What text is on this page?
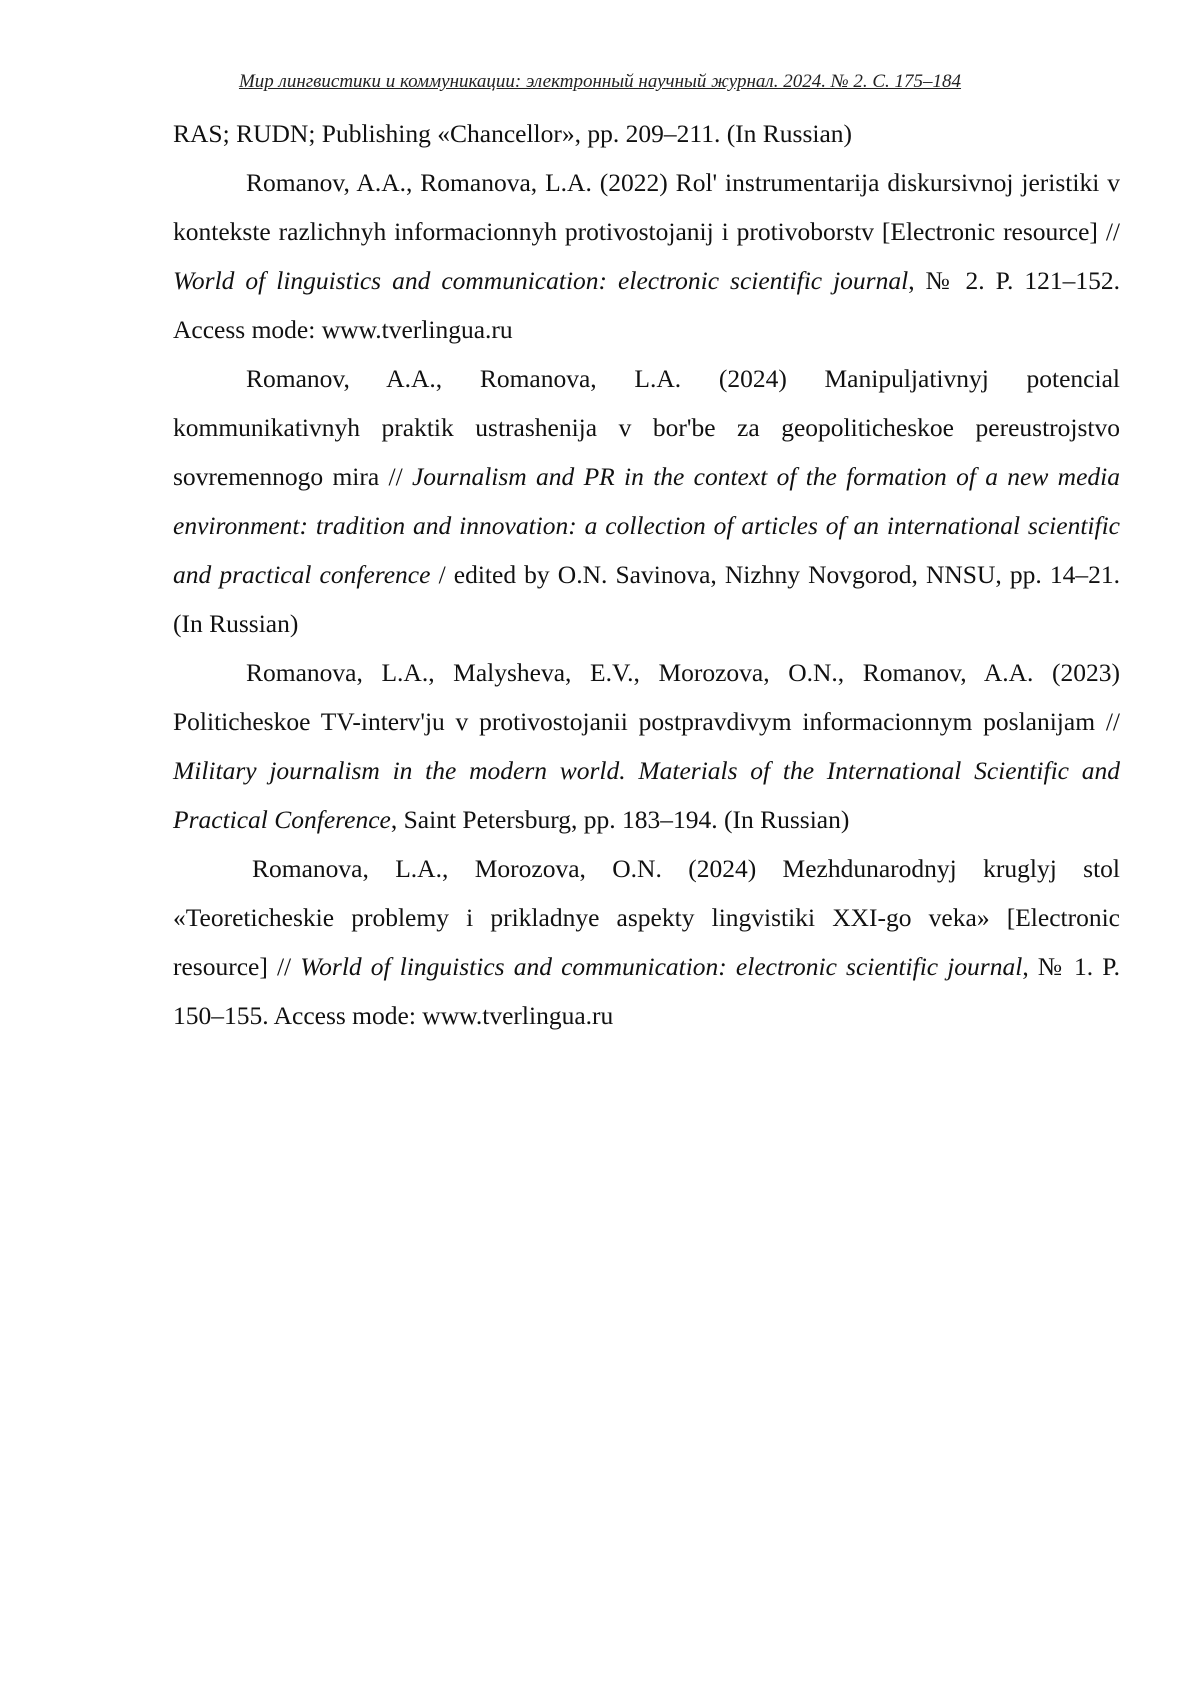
Мир лингвистики и коммуникации: электронный научный журнал. 2024. № 2. С. 175–184

RAS; RUDN; Publishing «Chancellor», pp. 209–211. (In Russian)

Romanov, A.A., Romanova, L.A. (2022) Rol' instrumentarija diskursivnoj jeristiki v kontekste razlichnyh informacionnyh protivostojanij i protivoborstv [Electronic resource] // World of linguistics and communication: electronic scientific journal, № 2. P. 121–152. Access mode: www.tverlingua.ru

Romanov, A.A., Romanova, L.A. (2024) Manipuljativnyj potencial kommunikativnyh praktik ustrashenija v bor'be za geopoliticheskoe pereustrojstvo sovremennogo mira // Journalism and PR in the context of the formation of a new media environment: tradition and innovation: a collection of articles of an international scientific and practical conference / edited by O.N. Savinova, Nizhny Novgorod, NNSU, pp. 14–21. (In Russian)

Romanova, L.A., Malysheva, E.V., Morozova, O.N., Romanov, A.A. (2023) Politicheskoe TV-interv'ju v protivostojanii postpravdivym informacionnym poslanijam // Military journalism in the modern world. Materials of the International Scientific and Practical Conference, Saint Petersburg, pp. 183–194. (In Russian)

Romanova, L.A., Morozova, O.N. (2024) Mezhdunarodnyj kruglyj stol «Teoreticheskie problemy i prikladnye aspekty lingvistiki XXI-go veka» [Electronic resource] // World of linguistics and communication: electronic scientific journal, № 1. P. 150–155. Access mode: www.tverlingua.ru
